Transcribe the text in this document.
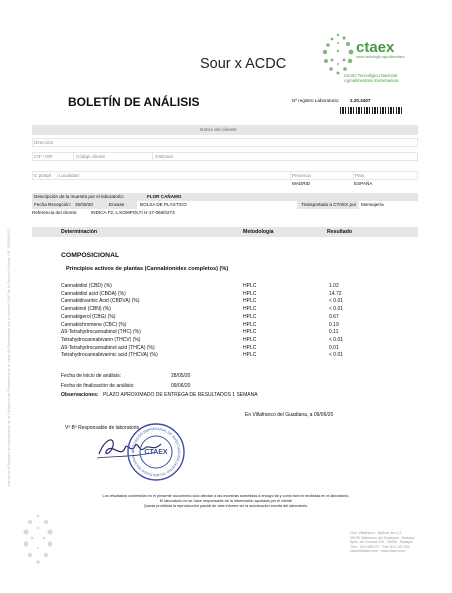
Inscrita en el Registro de Asociaciones de la Consejería de Presidencia de la Junta de Extremadura con el número 3.607 de la Sección Primera. CIF: G06354476
ctaex
centro tecnológico agroalimentario
Centro Tecnológico Nacional
Agroalimentario Extremadura
Sour x ACDC
BOLETÍN DE ANÁLISIS	Nº registro Laboratorio: 2.20.2407
Datos del cliente
Dirección
CIF / NIF	Código cliente	OnEmail
C postal Localidad	Provincia	País
MADRID	ESPAÑA
Descripción de la muestra por el laboratorio:	FLOR CAÑAMO
Fecha Recepción: 25/05/20	Envase	BOLSA DE PLÁSTICO	Transportado a CTAEX por Mensajería
Referencia del cliente:	INDICA F2; L:KOMPOLTI H-17-066/0273
Determinación	Metodología	Resultado
COMPOSICIONAL
Principios activos de plantas (Cannabionides completos) (%)
Cannabidiol (CBD) (%)	HPLC	1.02
Cannabidiol acid (CBDA) (%)	HPLC	14.72
Cannabidivarinic Acid (CBDVA) (%)	HPLC	< 0.01
Cannabinol (CBN) (%)	HPLC	< 0.01
Cannabigerol (CBG) (%)	HPLC	0.67
Cannabichromene (CBC) (%)	HPLC	0.19
Δ9-Tetrahydrocannabinol (THC) (%)	HPLC	0.11
Tetrahydrocannabivarin (THCV) (%)	HPLC	< 0.01
Δ9-Tetrahydrocannabinol acid (THCA) (%)	HPLC	0.01
Tetrahydrocannabivarinic acid (THCVA) (%)	HPLC	< 0.01
Fecha de inicio de análisis:	28/05/20
Fecha de finalización de análisis:	09/06/20
Observaciones: PLAZO APROXIMADO DE ENTREGA DE RESULTADOS 1 SEMANA
En Villafranco del Guadiana, a 09/06/20
Vº Bº Responsable de laboratorio
ASOCIACIÓN EMPRESARIAL DE INVESTIGACIÓN CENTRO TECNOLÓGICO NACIONAL A	CTAEX
Los resultados contenidos en el presente documento sólo afectan a las muestras sometidas a ensayo tal y como fueron recibidas en el laboratorio.
El laboratorio no se hace responsable de la información aportada por el cliente
Queda prohibida la reproducción parcial de este informe sin la autorización escrita del laboratorio.
Ctra. Villafranco - Balboa, km 1,2
06195 Villafranco del Guadiana - Badajoz
Apdo. de Correos 202 · 06080 - Badajoz
Tfno.: 924 448 077 · Fax: 924 241 002
ctaex@ctaex.com · www.ctaex.com
